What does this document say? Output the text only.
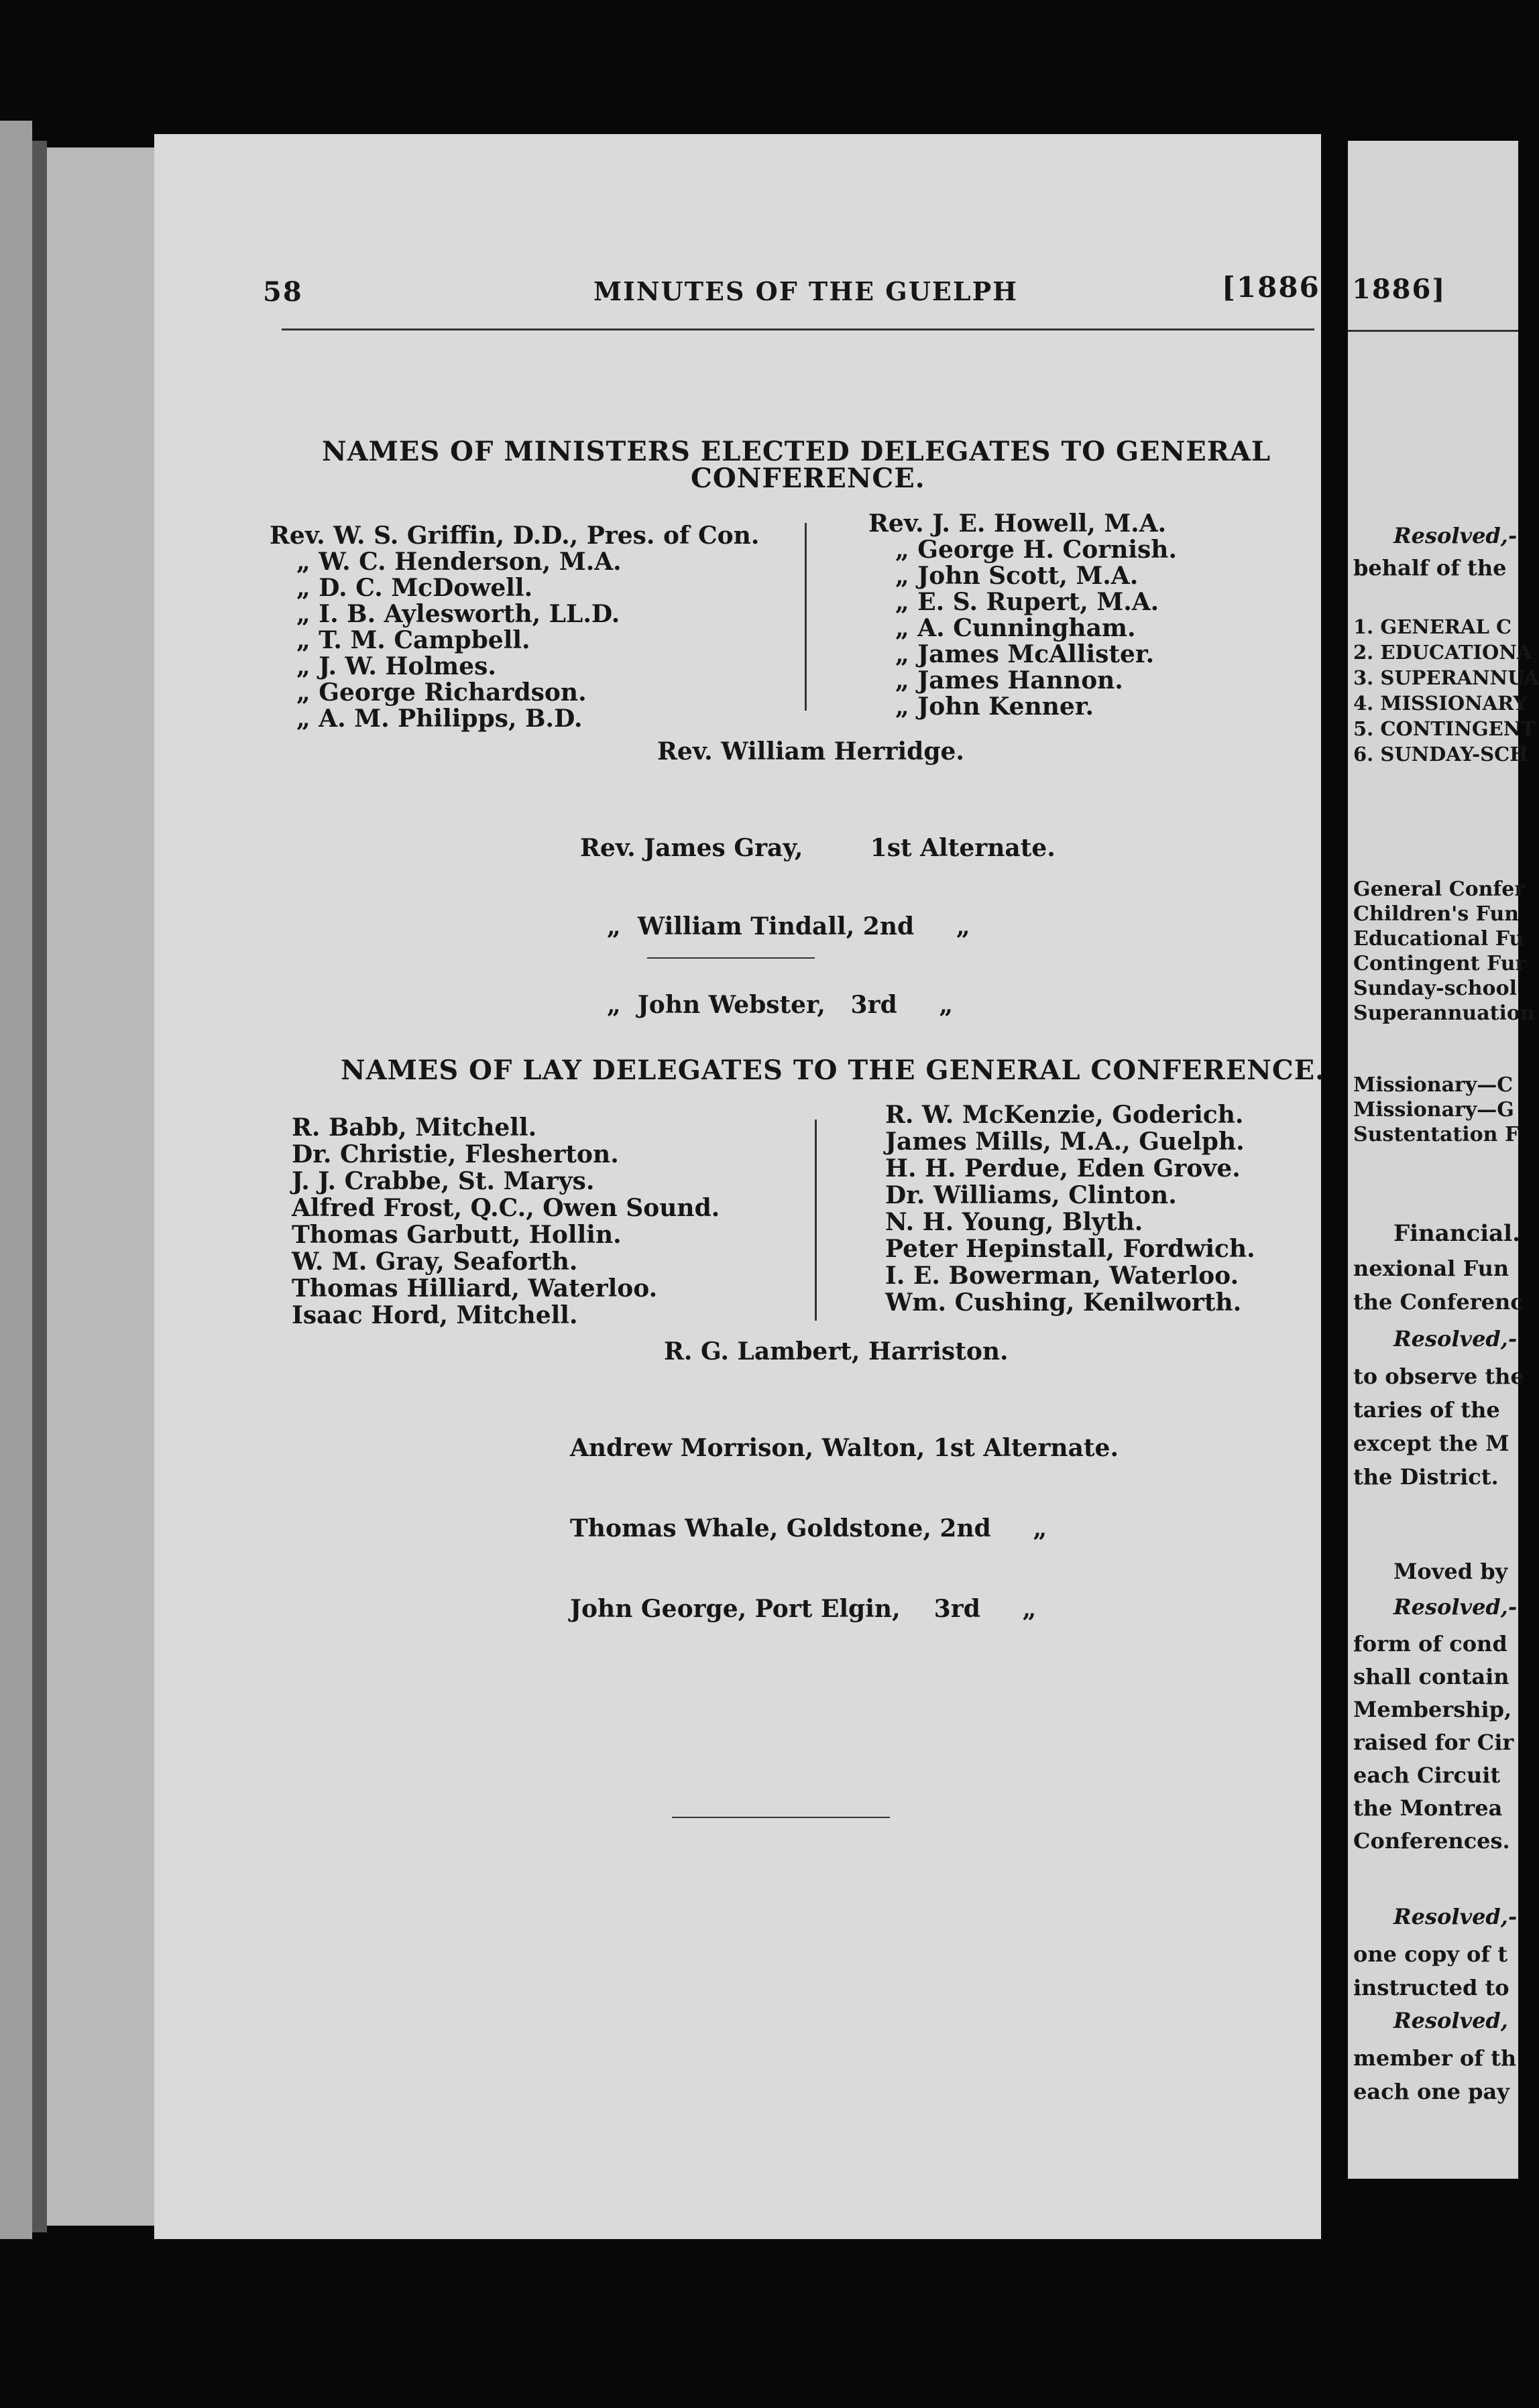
58	MINUTES OF THE GUELPH	[1886
NAMES OF MINISTERS ELECTED DELEGATES TO GENERAL
CONFERENCE.
Rev. W. S. Griffin, D.D., Pres. of Con.
„ W. C. Henderson, M.A.
„ D. C. McDowell.
„ I. B. Aylesworth, LL.D.
„ T. M. Campbell.
„ J. W. Holmes.
„ George Richardson.
„ A. M. Philipps, B.D.
Rev. J. E. Howell, M.A.
„ George H. Cornish.
„ John Scott, M.A.
„ E. S. Rupert, M.A.
„ A. Cunningham.
„ James McAllister.
„ James Hannon.
„ John Kenner.
Rev. William Herridge.

Rev. James Gray,        1st Alternate.

„  William Tindall, 2nd     „

„  John Webster,   3rd     „

NAMES OF LAY DELEGATES TO THE GENERAL CONFERENCE.
R. Babb, Mitchell.
Dr. Christie, Flesherton.
J. J. Crabbe, St. Marys.
Alfred Frost, Q.C., Owen Sound.
Thomas Garbutt, Hollin.
W. M. Gray, Seaforth.
Thomas Hilliard, Waterloo.
Isaac Hord, Mitchell.
R. W. McKenzie, Goderich.
James Mills, M.A., Guelph.
H. H. Perdue, Eden Grove.
Dr. Williams, Clinton.
N. H. Young, Blyth.
Peter Hepinstall, Fordwich.
I. E. Bowerman, Waterloo.
Wm. Cushing, Kenilworth.
R. G. Lambert, Harriston.

Andrew Morrison, Walton, 1st Alternate.

Thomas Whale, Goldstone, 2nd     „

John George, Port Elgin,    3rd     „

1886]
Resolved,-
behalf of the
1. GENERAL C
2. EDUCATIONA
3. SUPERANNUA
4. MISSIONARY
5. CONTINGENT
6. SUNDAY-SCH
General Confer
Children's Fun
Educational Fu
Contingent Fur
Sunday-school
Superannuation
Missionary—C
Missionary—G
Sustentation F
Financial.
nexional Fun
the Conferenc
Resolved,-
to observe the
taries of the
except the M
the District.
Moved by
Resolved,-
form of cond
shall contain
Membership,
raised for Cir
each Circuit
the Montrea
Conferences.
Resolved,-
one copy of t
instructed to
Resolved,
member of th
each one pay
